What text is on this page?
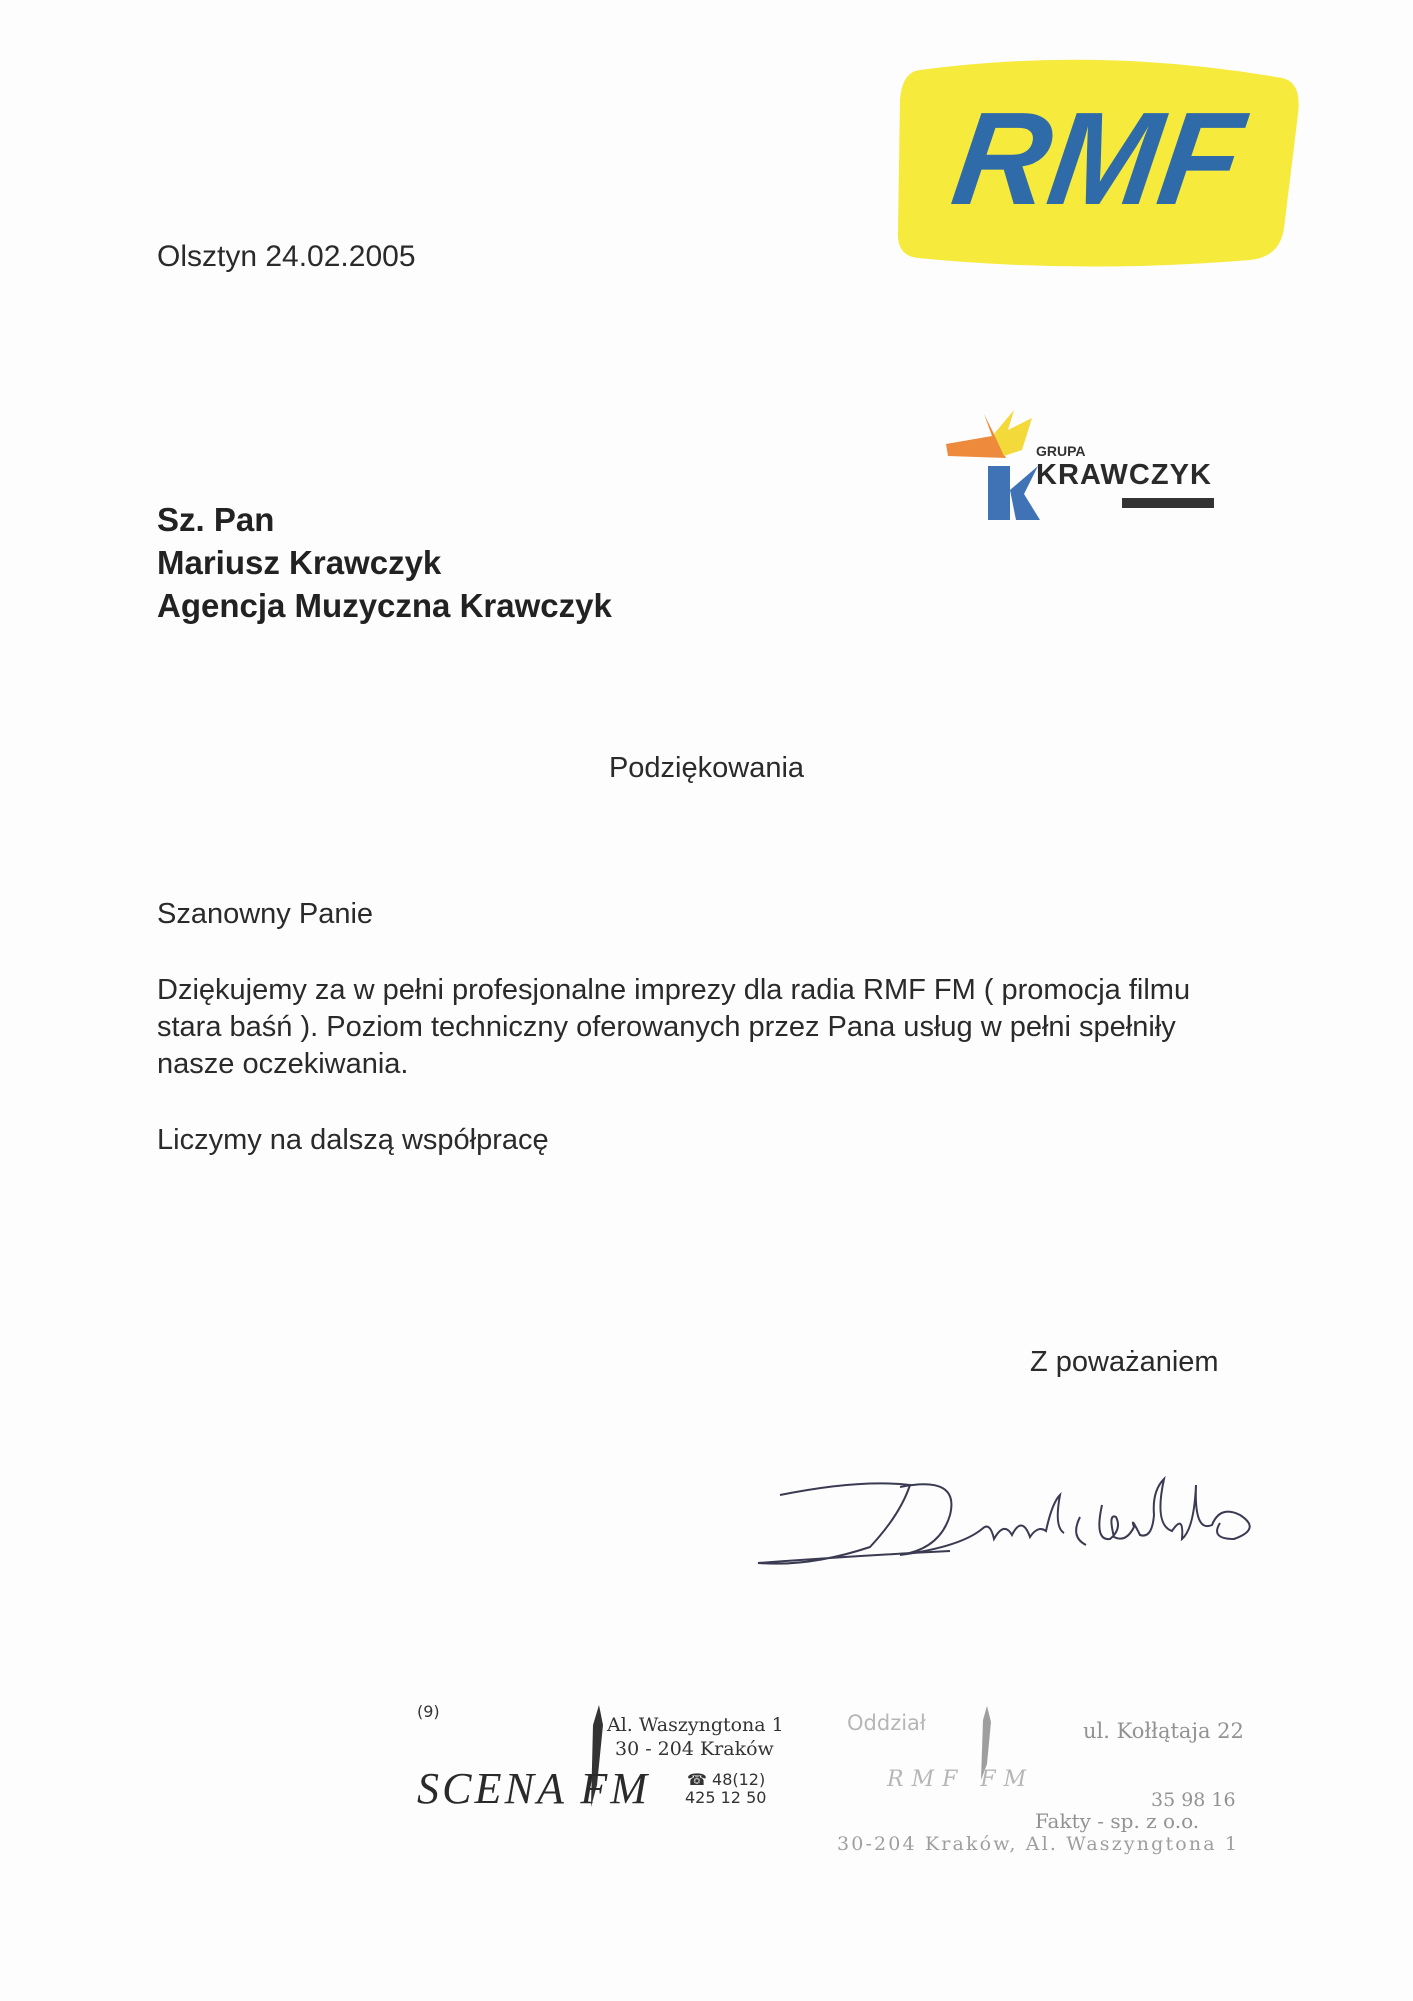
RMF
Olsztyn 24.02.2005
GRUPA
KRAWCZYK
Sz. Pan
Mariusz Krawczyk
Agencja Muzyczna Krawczyk
Podziękowania
Szanowny Panie
Dziękujemy za w pełni profesjonalne imprezy dla radia RMF FM ( promocja filmu stara baśń ). Poziom techniczny oferowanych przez Pana usług w pełni spełniły nasze oczekiwania.
Liczymy na dalszą współpracę
Z poważaniem
(9)
Al. Waszyngtona 1
30 - 204 Kraków
SCENA FM	☎ 48(12)
425 12 50
Oddział	ul. Kołłątaja 22
RMF FM
35 98 16
Fakty - sp. z o.o.
30-204 Kraków, Al. Waszyngtona 1
